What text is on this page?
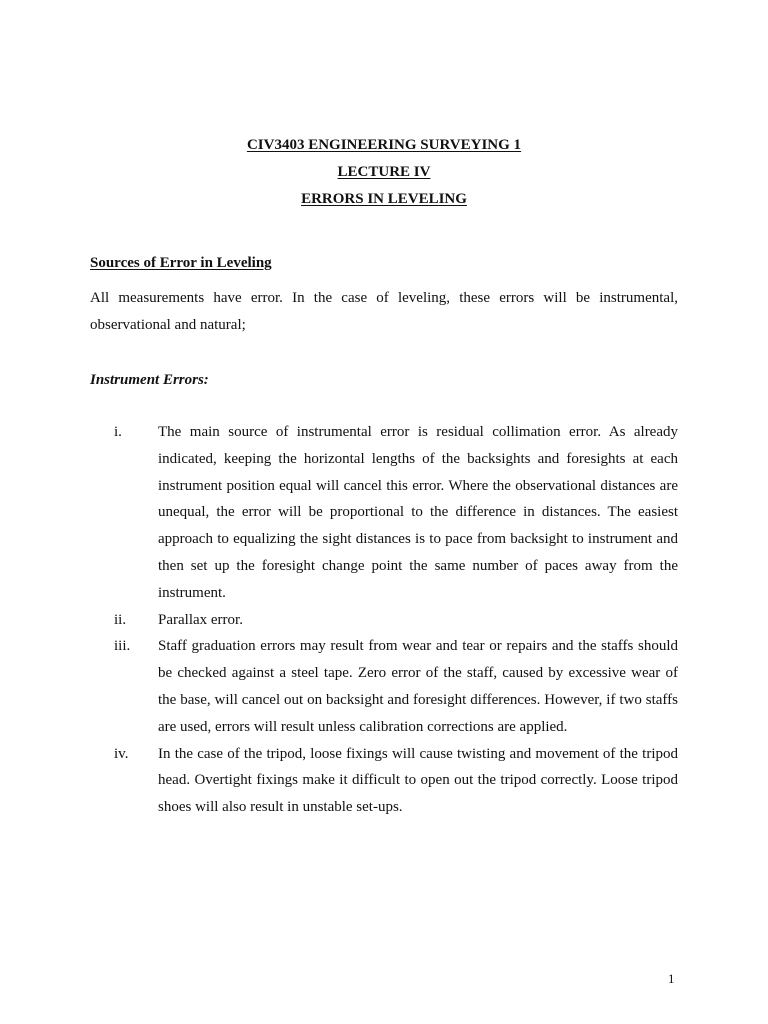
CIV3403 ENGINEERING SURVEYING 1
LECTURE IV
ERRORS IN LEVELING
Sources of Error in Leveling

All measurements have error. In the case of leveling, these errors will be instrumental, observational and natural;

Instrument Errors:
i. The main source of instrumental error is residual collimation error. As already indicated, keeping the horizontal lengths of the backsights and foresights at each instrument position equal will cancel this error. Where the observational distances are unequal, the error will be proportional to the difference in distances. The easiest approach to equalizing the sight distances is to pace from backsight to instrument and then set up the foresight change point the same number of paces away from the instrument.
ii. Parallax error.
iii. Staff graduation errors may result from wear and tear or repairs and the staffs should be checked against a steel tape. Zero error of the staff, caused by excessive wear of the base, will cancel out on backsight and foresight differences. However, if two staffs are used, errors will result unless calibration corrections are applied.
iv. In the case of the tripod, loose fixings will cause twisting and movement of the tripod head. Overtight fixings make it difficult to open out the tripod correctly. Loose tripod shoes will also result in unstable set-ups.
1
